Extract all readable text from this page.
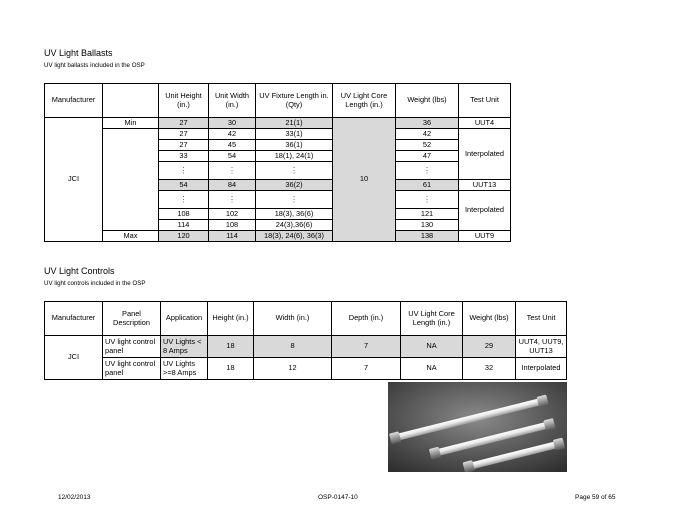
UV Light Ballasts
UV light ballasts included in the OSP
Manufacturer		Unit Height (in.)	Unit Width (in.)	UV Fixture Length in. (Qty)	UV Light Core Length (in.)	Weight (lbs)	Test Unit
JCI	Min	27	30	21(1)	10	36	UUT4
		27	42	33(1)		42	Interpolated
		27	45	36(1)		52	
		33	54	18(1), 24(1)		47	
		⋮	⋮	⋮		⋮	
		54	84	36(2)		61	UUT13
		⋮	⋮	⋮		⋮	Interpolated
		108	102	18(3), 36(6)		121	
		114	108	24(3),36(6)		130	
	Max	120	114	18(3), 24(6), 36(3)		138	UUT9
UV Light Controls
UV light controls included in the OSP
Manufacturer	Panel Description	Application	Height (in.)	Width (in.)	Depth (in.)	UV Light Core Length (in.)	Weight (lbs)	Test Unit
JCI	UV light control panel	UV Lights < 8 Amps	18	8	7	NA	29	UUT4, UUT9, UUT13
	UV light control panel	UV Lights >=8 Amps	18	12	7	NA	32	Interpolated
12/02/2013	OSP-0147-10	Page 59 of 65
